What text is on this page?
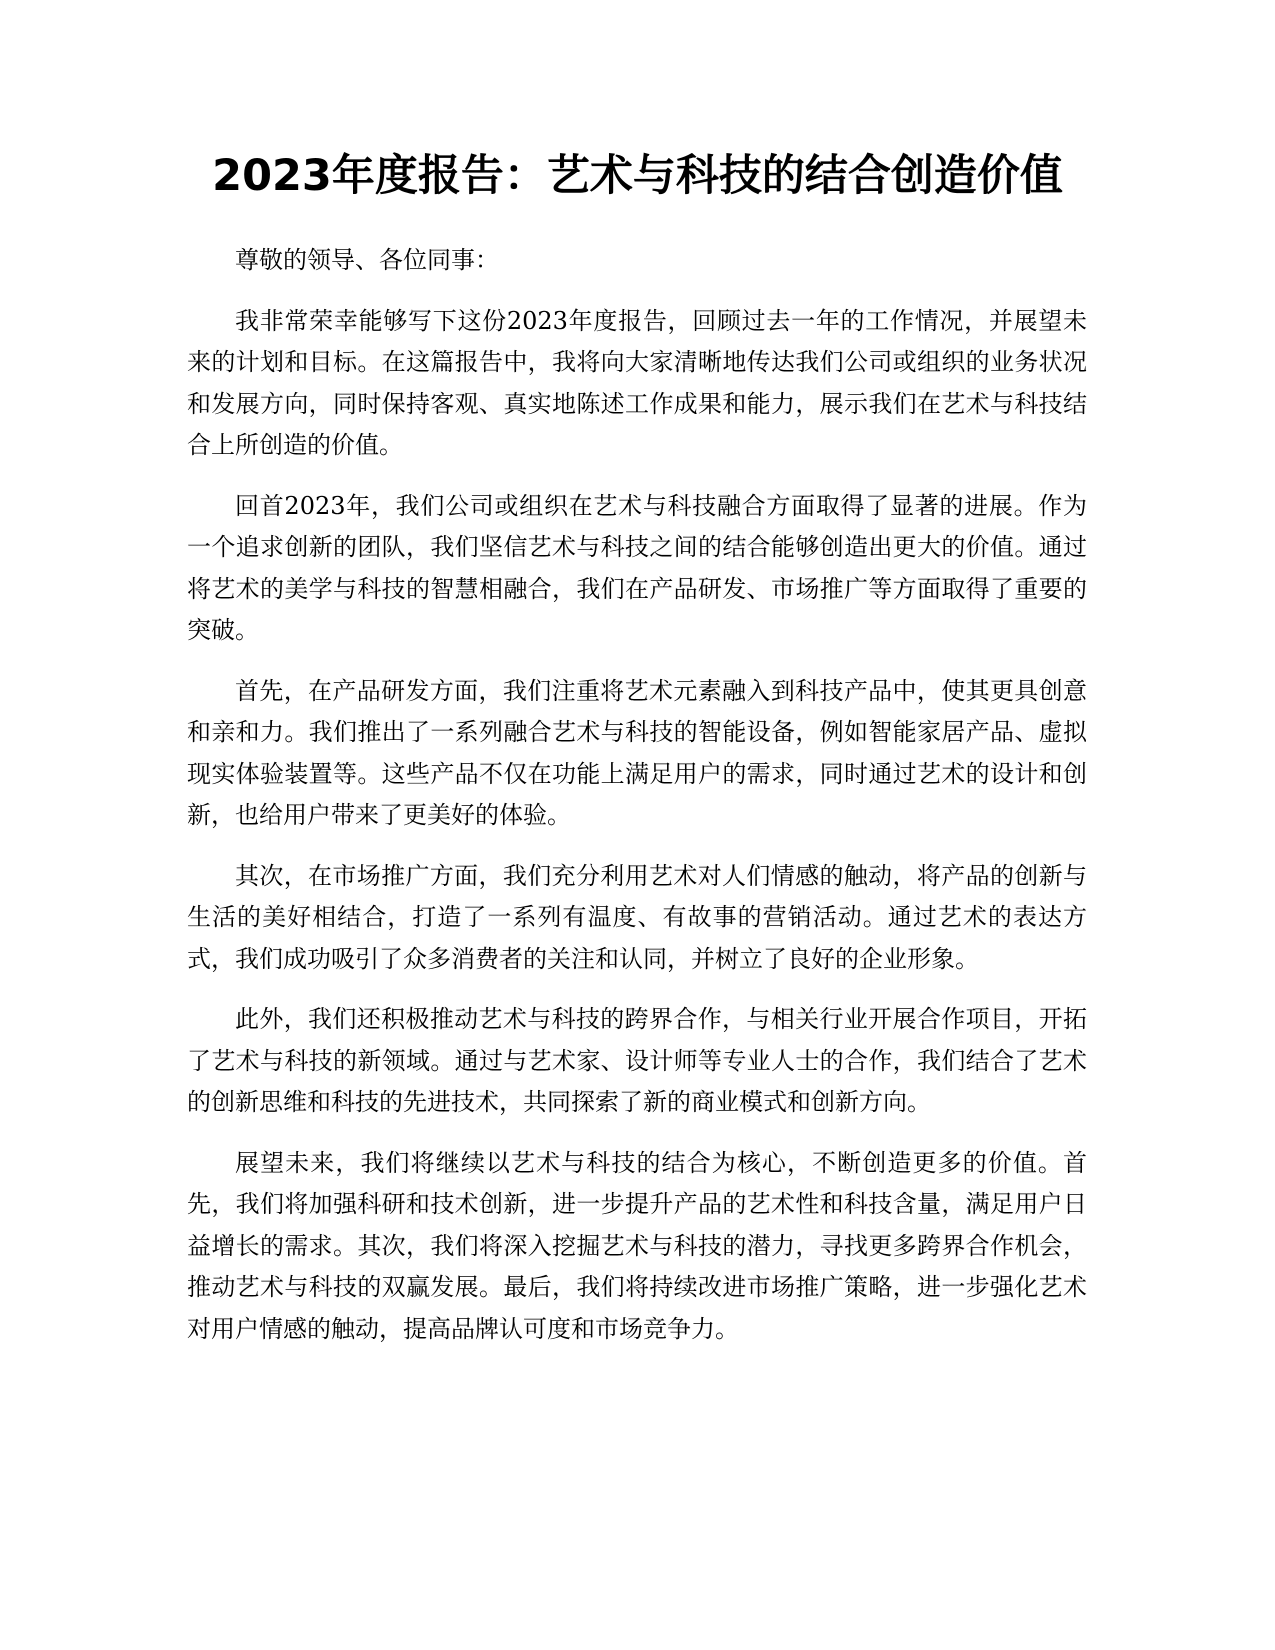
2023年度报告：艺术与科技的结合创造价值

尊敬的领导、各位同事：

我非常荣幸能够写下这份2023年度报告，回顾过去一年的工作情况，并展望未来的计划和目标。在这篇报告中，我将向大家清晰地传达我们公司或组织的业务状况和发展方向，同时保持客观、真实地陈述工作成果和能力，展示我们在艺术与科技结合上所创造的价值。

回首2023年，我们公司或组织在艺术与科技融合方面取得了显著的进展。作为一个追求创新的团队，我们坚信艺术与科技之间的结合能够创造出更大的价值。通过将艺术的美学与科技的智慧相融合，我们在产品研发、市场推广等方面取得了重要的突破。

首先，在产品研发方面，我们注重将艺术元素融入到科技产品中，使其更具创意和亲和力。我们推出了一系列融合艺术与科技的智能设备，例如智能家居产品、虚拟现实体验装置等。这些产品不仅在功能上满足用户的需求，同时通过艺术的设计和创新，也给用户带来了更美好的体验。

其次，在市场推广方面，我们充分利用艺术对人们情感的触动，将产品的创新与生活的美好相结合，打造了一系列有温度、有故事的营销活动。通过艺术的表达方式，我们成功吸引了众多消费者的关注和认同，并树立了良好的企业形象。

此外，我们还积极推动艺术与科技的跨界合作，与相关行业开展合作项目，开拓了艺术与科技的新领域。通过与艺术家、设计师等专业人士的合作，我们结合了艺术的创新思维和科技的先进技术，共同探索了新的商业模式和创新方向。

展望未来，我们将继续以艺术与科技的结合为核心，不断创造更多的价值。首先，我们将加强科研和技术创新，进一步提升产品的艺术性和科技含量，满足用户日益增长的需求。其次，我们将深入挖掘艺术与科技的潜力，寻找更多跨界合作机会，推动艺术与科技的双赢发展。最后，我们将持续改进市场推广策略，进一步强化艺术对用户情感的触动，提高品牌认可度和市场竞争力。
